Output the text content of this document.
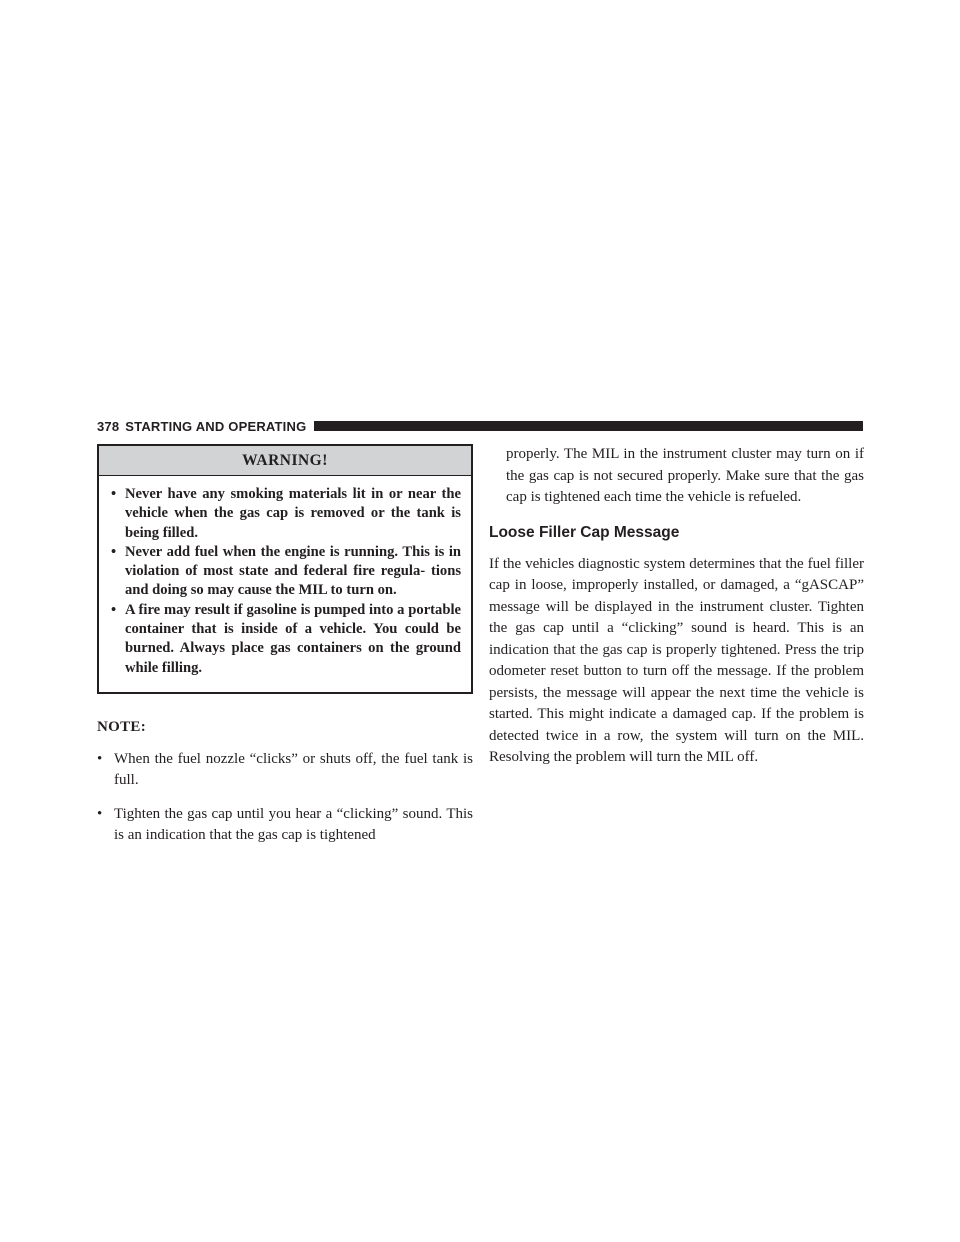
378 STARTING AND OPERATING
WARNING!
• Never have any smoking materials lit in or near the vehicle when the gas cap is removed or the tank is being filled.
• Never add fuel when the engine is running. This is in violation of most state and federal fire regula- tions and doing so may cause the MIL to turn on.
• A fire may result if gasoline is pumped into a portable container that is inside of a vehicle. You could be burned. Always place gas containers on the ground while filling.
NOTE:
• When the fuel nozzle “clicks” or shuts off, the fuel tank is full.
• Tighten the gas cap until you hear a “clicking” sound. This is an indication that the gas cap is tightened

properly. The MIL in the instrument cluster may turn on if the gas cap is not secured properly. Make sure that the gas cap is tightened each time the vehicle is refueled.

Loose Filler Cap Message

If the vehicles diagnostic system determines that the fuel filler cap in loose, improperly installed, or damaged, a “gASCAP” message will be displayed in the instrument cluster. Tighten the gas cap until a “clicking” sound is heard. This is an indication that the gas cap is properly tightened. Press the trip odometer reset button to turn off the message. If the problem persists, the message will appear the next time the vehicle is started. This might indicate a damaged cap. If the problem is detected twice in a row, the system will turn on the MIL. Resolving the problem will turn the MIL off.
